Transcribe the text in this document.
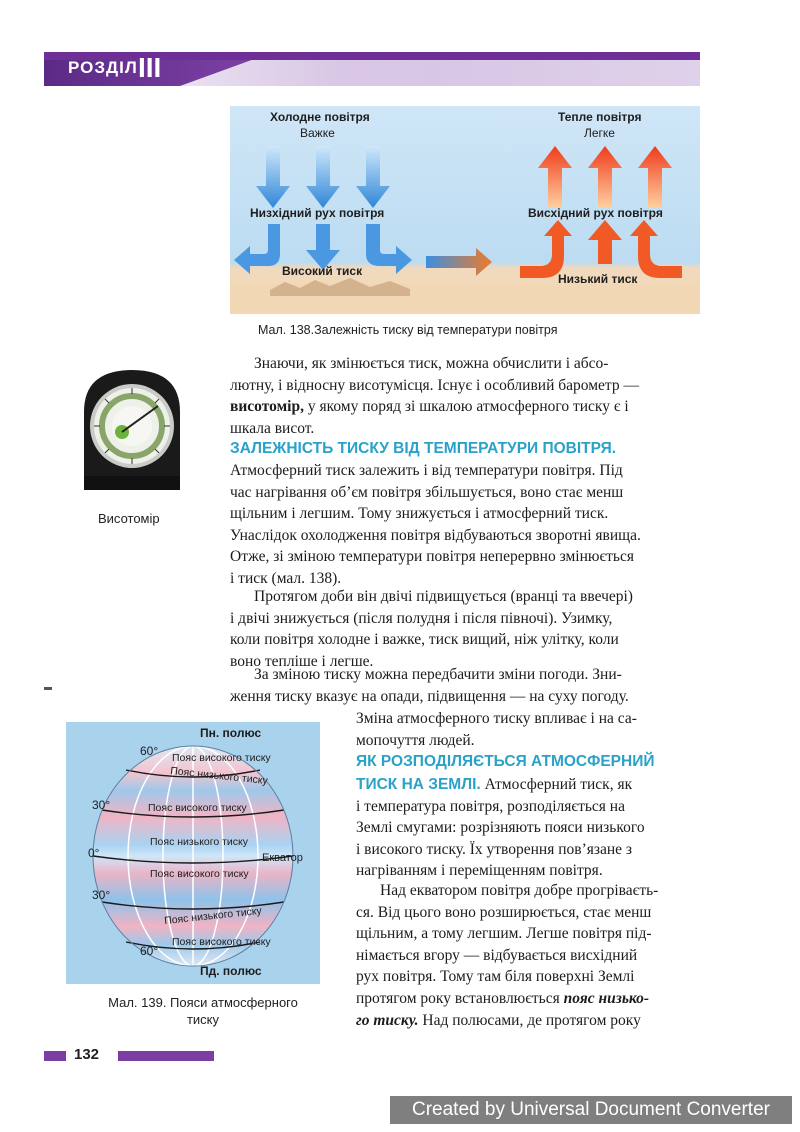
РОЗДІЛ III
Холодне повітря
Важке
Тепле повітря
Легке
Низхідний рух повітря	Висхідний рух повітря
Високий тиск
Низький тиск
Мал. 138.Залежність тиску від температури повітря
Висотомір
Знаючи, як змінюється тиск, можна обчислити і абсо-
лютну, і відносну висотумісця. Існує і особливий барометр —
висотомір, у якому поряд зі шкалою атмосферного тиску є і
шкала висот.
ЗАЛЕЖНІСТЬ ТИСКУ ВІД ТЕМПЕРАТУРИ ПОВІТРЯ.
Атмосферний тиск залежить і від температури повітря. Під
час нагрівання об’єм повітря збільшується, воно стає менш
щільним і легшим. Тому знижується і атмосферний тиск.
Унаслідок охолодження повітря відбуваються зворотні явища.
Отже, зі зміною температури повітря неперервно змінюється
і тиск (мал. 138).
Протягом доби він двічі підвищується (вранці та ввечері)
і двічі знижується (після полудня і після півночі). Узимку,
коли повітря холодне і важке, тиск вищий, ніж улітку, коли
воно тепліше і легше.
За зміною тиску можна передбачити зміни погоди. Зни-
ження тиску вказує на опади, підвищення — на суху погоду.
Зміна атмосферного тиску впливає і на са-
мопочуття людей.
ЯК РОЗПОДІЛЯЄТЬСЯ АТМОСФЕРНИЙ
ТИСК НА ЗЕМЛІ. Атмосферний тиск, як
і температура повітря, розподіляється на
Землі смугами: розрізняють пояси низького
і високого тиску. Їх утворення пов’язане з
нагріванням і переміщенням повітря.
Над екватором повітря добре прогріваєть-
ся. Від цього воно розширюється, стає менш
щільним, а тому легшим. Легше повітря під-
німається вгору — відбувається висхідний
рух повітря. Тому там біля поверхні Землі
протягом року встановлюється пояс низько-
го тиску. Над полюсами, де протягом року
Пн. полюс
Пд. полюс
60°
30°
0°
30°
60°
Екватор
Пояс високого тиску
Пояс низького тиску
Пояс високого тиску
Пояс низького тиску
Пояс високого тиску
Пояс низького тиску
Пояс високого тиску
Мал. 139. Пояси атмосферного
тиску
132
Created by Universal Document Converter
